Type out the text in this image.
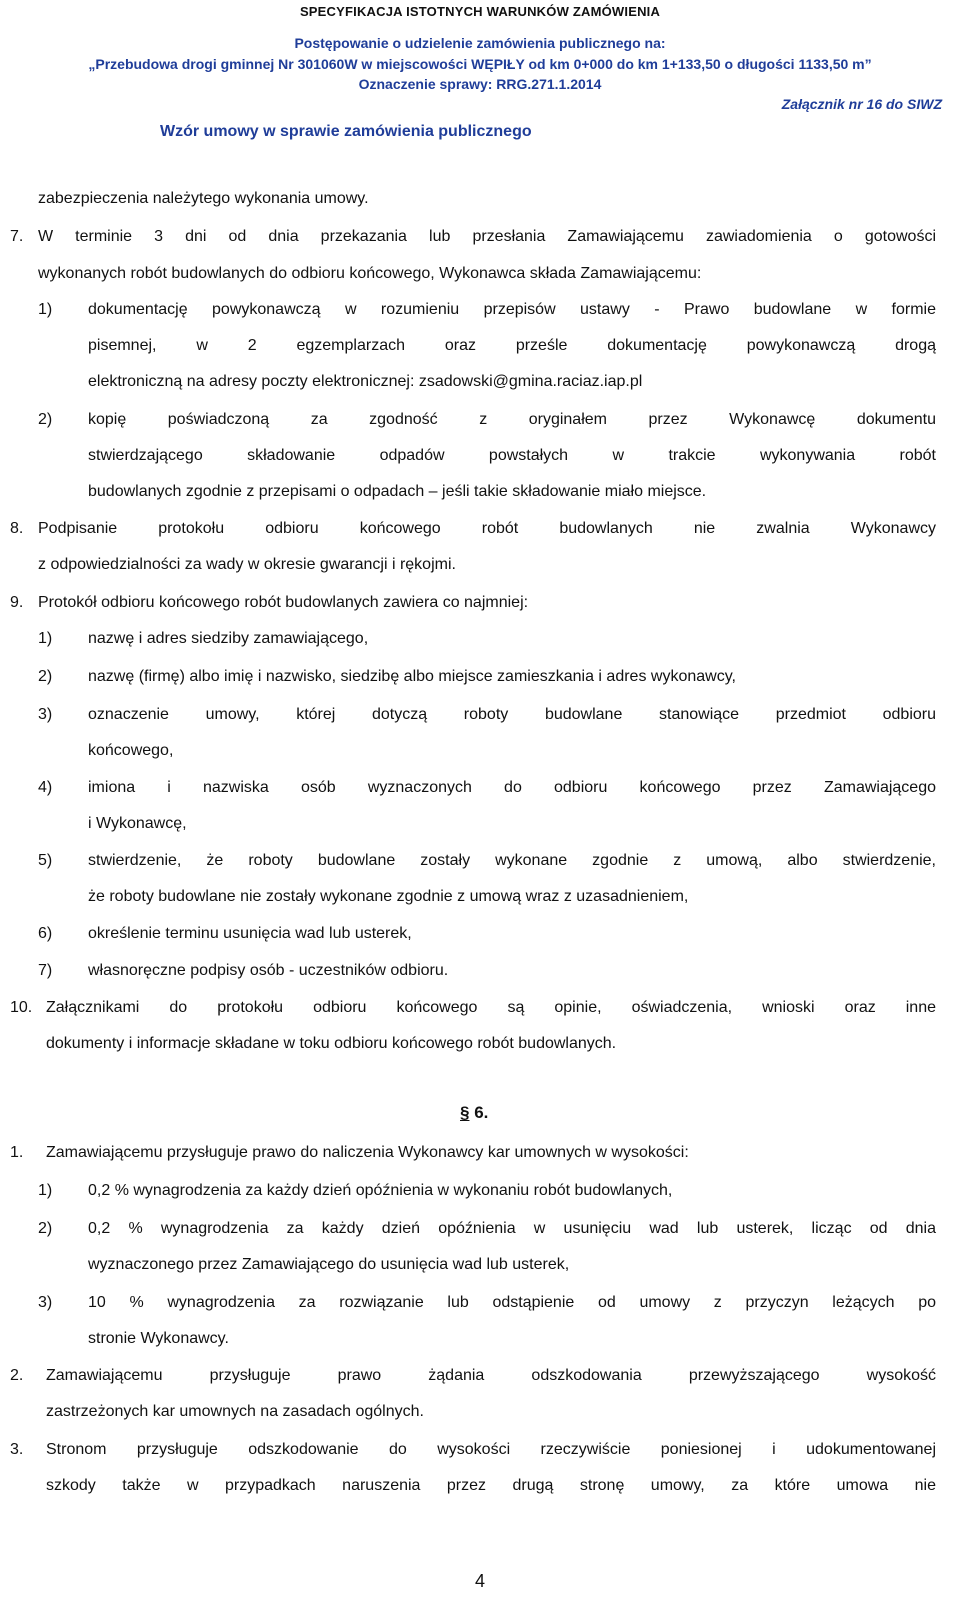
SPECYFIKACJA ISTOTNYCH WARUNKÓW ZAMÓWIENIA
Postępowanie o udzielenie zamówienia publicznego na:
„Przebudowa drogi gminnej Nr 301060W w miejscowości WĘPIŁY od km 0+000 do km 1+133,50 o długości 1133,50 m”
Oznaczenie sprawy: RRG.271.1.2014
Załącznik nr 16 do SIWZ
Wzór umowy w sprawie zamówienia publicznego
zabezpieczenia należytego wykonania umowy.
7. W terminie 3 dni od dnia przekazania lub przesłania Zamawiającemu zawiadomienia o gotowości
wykonanych robót budowlanych do odbioru końcowego, Wykonawca składa Zamawiającemu:
1) dokumentację powykonawczą w rozumieniu przepisów ustawy - Prawo budowlane w formie
pisemnej, w 2 egzemplarzach oraz prześle dokumentację powykonawczą drogą
elektroniczną na adresy poczty elektronicznej: zsadowski@gmina.raciaz.iap.pl
2) kopię poświadczoną za zgodność z oryginałem przez Wykonawcę dokumentu
stwierdzającego składowanie odpadów powstałych w trakcie wykonywania robót
budowlanych zgodnie z przepisami o odpadach – jeśli takie składowanie miało miejsce.
8. Podpisanie protokołu odbioru końcowego robót budowlanych nie zwalnia Wykonawcy
z odpowiedzialności za wady w okresie gwarancji i rękojmi.
9. Protokół odbioru końcowego robót budowlanych zawiera co najmniej:
1) nazwę i adres siedziby zamawiającego,
2) nazwę (firmę) albo imię i nazwisko, siedzibę albo miejsce zamieszkania i adres wykonawcy,
3) oznaczenie umowy, której dotyczą roboty budowlane stanowiące przedmiot odbioru
końcowego,
4) imiona i nazwiska osób wyznaczonych do odbioru końcowego przez Zamawiającego
i Wykonawcę,
5) stwierdzenie, że roboty budowlane zostały wykonane zgodnie z umową, albo stwierdzenie,
że roboty budowlane nie zostały wykonane zgodnie z umową wraz z uzasadnieniem,
6) określenie terminu usunięcia wad lub usterek,
7) własnoręczne podpisy osób - uczestników odbioru.
10. Załącznikami do protokołu odbioru końcowego są opinie, oświadczenia, wnioski oraz inne
dokumenty i informacje składane w toku odbioru końcowego robót budowlanych.
§ 6.
1. Zamawiającemu przysługuje prawo do naliczenia Wykonawcy kar umownych w wysokości:
1) 0,2 % wynagrodzenia za każdy dzień opóźnienia w wykonaniu robót budowlanych,
2) 0,2 % wynagrodzenia za każdy dzień opóźnienia w usunięciu wad lub usterek, licząc od dnia
wyznaczonego przez Zamawiającego do usunięcia wad lub usterek,
3) 10 % wynagrodzenia za rozwiązanie lub odstąpienie od umowy z przyczyn leżących po
stronie Wykonawcy.
2. Zamawiającemu przysługuje prawo żądania odszkodowania przewyższającego wysokość
zastrzeżonych kar umownych na zasadach ogólnych.
3. Stronom przysługuje odszkodowanie do wysokości rzeczywiście poniesionej i udokumentowanej
szkody także w przypadkach naruszenia przez drugą stronę umowy, za które umowa nie
4
